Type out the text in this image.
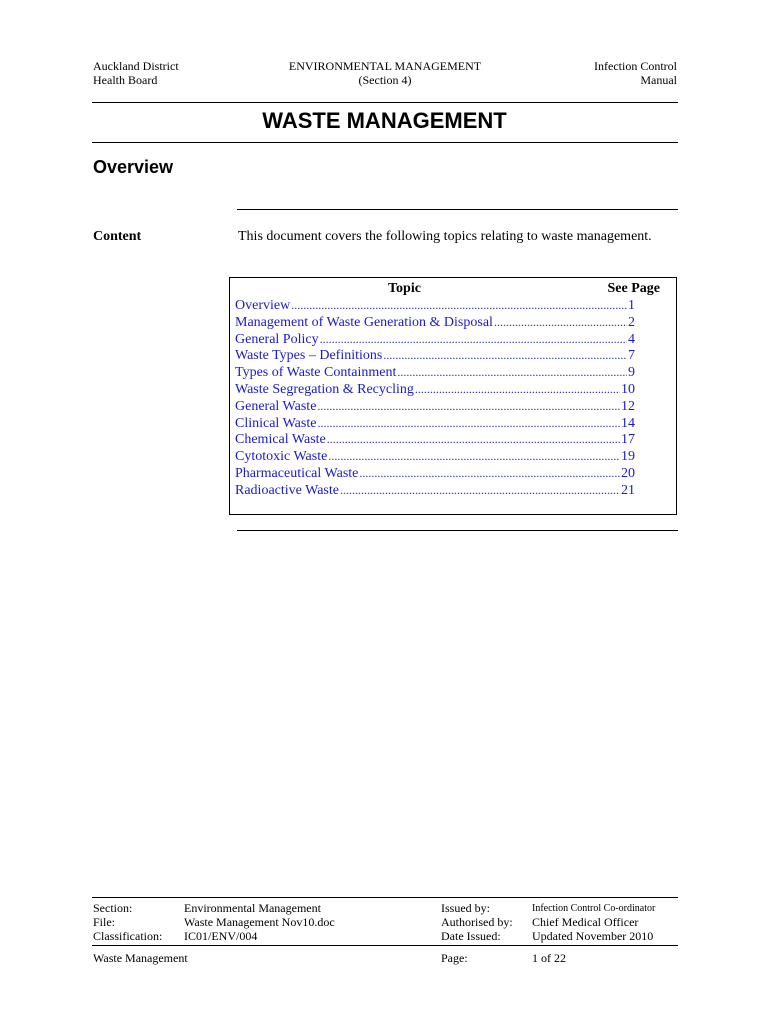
Auckland District
Health Board
ENVIRONMENTAL MANAGEMENT
(Section 4)
Infection Control
Manual
WASTE MANAGEMENT
Overview
Content	This document covers the following topics relating to waste management.
Topic	See Page
Overview .....	1
Management of Waste Generation & Disposal .....	2
General Policy .....	4
Waste Types – Definitions .....	7
Types of Waste Containment .....	9
Waste Segregation & Recycling .....	10
General Waste .....	12
Clinical Waste .....	14
Chemical Waste .....	17
Cytotoxic Waste .....	19
Pharmaceutical Waste .....	20
Radioactive Waste .....	21
Section:	Environmental Management	Issued by:	Infection Control Co-ordinator
File:	Waste Management Nov10.doc	Authorised by: Chief Medical Officer
Classification: IC01/ENV/004	Date Issued:	Updated November 2010
Waste Management	Page:	1 of 22
